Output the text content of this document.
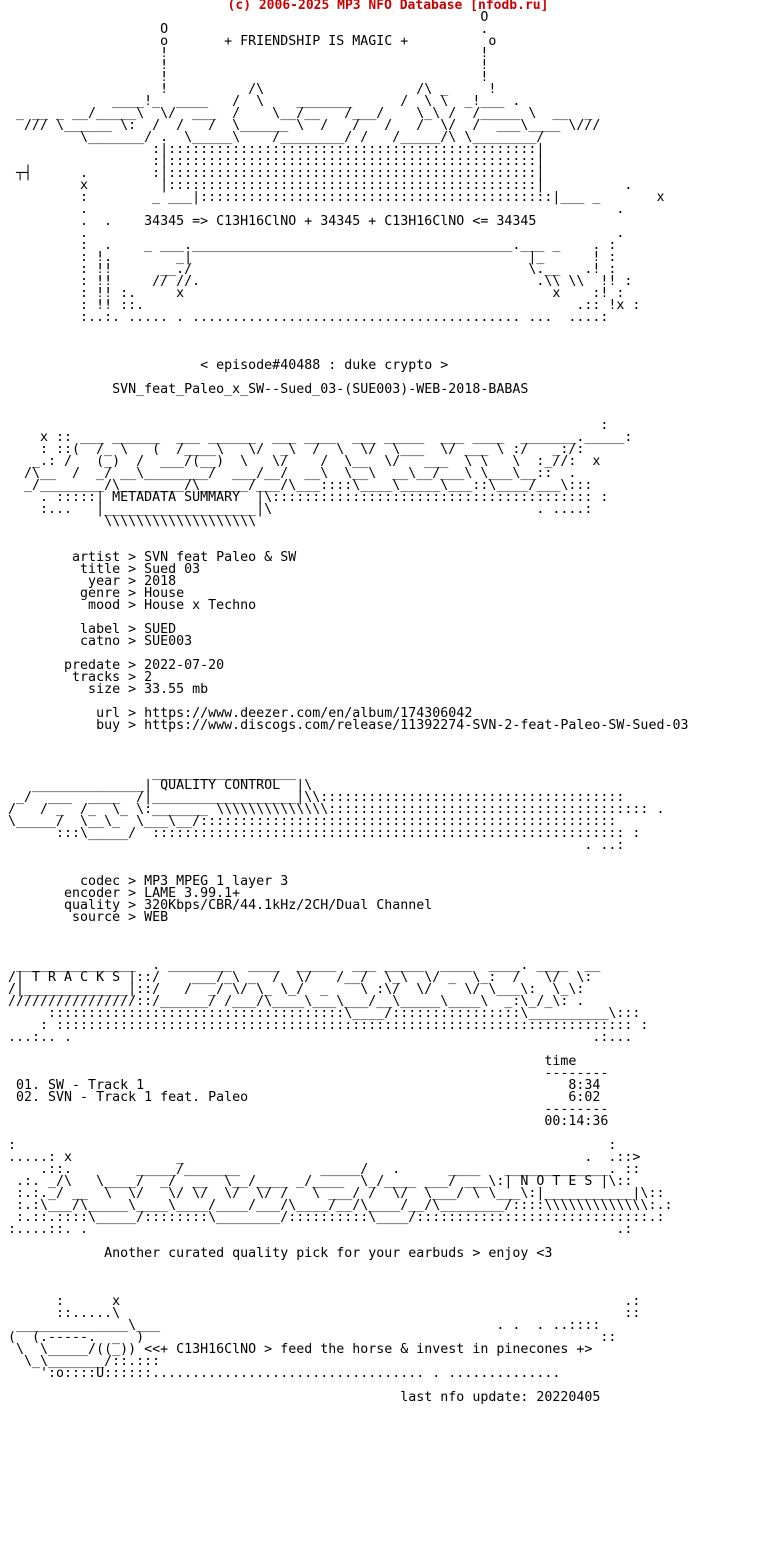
(c) 2006-2025 MP3 NFO Database [nfodb.ru]
O
O                                       .
o       + FRIENDSHIP IS MAGIC +          o
!                                       !
!                                       !
!                                       !
!          /\                   /\ _     !
____!_  ____   /  \    _______      /  \ \  _!___ .
_ __ _ __/_____\  \/  ___  /    \__/__   /___/    \_\ /  /_____ \  __  _
/// \______ \:  /  /   /  \______ \  /   /   /   /  \/  /  ___\____ \///
\_______/ .  \_____\    /________/ /   /_____/\ \________/
:|::::::::::::::::::::::::::::::::::::::::::::::|
:|::::::::::::::::::::::::::::::::::::::::::::::|
┬┤      .        :|::::::::::::::::::::::::::::::::::::::::::::::|
x         |::::::::::::::::::::::::::::::::::::::::::::::|          .
:        _ ___|::::::::::::::::::::::::::::::::::::::::::::|___ _       x
.                                                                  .
.  .    34345 => C13H16ClNO + 34345 + C13H16ClNO <= 34345
.                                                                  .
:  .    _ ___.________________________________________.___ _    . :
: !.        _|                                          |_      ! :
: !!      __./                                          \.__   .! :
: !!     // //.                                          .\\ \\  !! :
: !! :.     x                                              x    :! :
: !! ::.                                                      .:: !x :
:..:. ..... . ......................................... ...  ....:
< episode#40488 : duke crypto >
SVN_feat_Paleo_x_SW--Sued_03-(SUE003)-WEB-2018-BABAS
:
x :: ___ ______  ___ ______  ___ ____  ___ _____  ___ ____  _______._____:
: ::(  /_ \   (  /____\   \/  _\  /  \  \/  \___  \/ ___ \ :/   _:/:
_.: /   (_)  /  ___/(__)  \   \/    /  \__  \/   ___  \ \   \  :_//:  x
/\__  /  _/ __\________/  ___/__/  __\  \__\  __\__/___\ \___\__::  .
_/________/\________/\______/___/\___::::\____\_____\___::\____/___\:::
. :::::| METADATA SUMMARY  |\:::::::::::::::::::::::::::::::::::::::: :
:...   |___________________|\                                 . ....:
\\\\\\\\\\\\\\\\\\\
artist > SVN feat Paleo & SW
title > Sued 03
year > 2018
genre > House
mood > House x Techno
label > SUED
catno > SUE003
predate > 2022-07-20
tracks > 2
size > 33.55 mb
url > https://www.deezer.com/en/album/174306042
buy > https://www.discogs.com/release/11392274-SVN-2-feat-Paleo-SW-Sued-03
__________________
______________| QUALITY CONTROL  |\
_/  ___  ____  /|__________________|\\::::::::::::::::::::::::::::::::::::::
/   / _  /_  \_ \:_______ \\\\\\\\\\\\\\:::::::::::::::::::::::::::::::::::::::: .
\_____/  \__\_  \___\__/::::::::::::::::::::::::::::::::::::::::::::::::::::
:::\_____/  ::::::::::::::::::::::::::::::::::::::::::::::::::::::::::: :
. ..:
codec > MP3 MPEG 1 layer 3
encoder > LAME 3.99.1+
quality > 320Kbps/CBR/44.1kHz/2CH/Dual Channel
source > WEB
_______________  . ________  ____  _____  ___ _____  ____  ____. ____  __
/| T R A C K S |::/    ___/_\ _  /  \/   /__/  \_\  \/ _  \_:  /   \/  \:
/|_____________|::/   /  _/ \/ \_ \_/  _    \ :\/  \/    \/ \___\:  \_\:
////////////////::/______/ /___/\____\___\___/__\_____\____\  _:\_/_\: .
:::::::::::::::::::::::::::::::::::::\____/::::::::::::::::\__________\:::
: :::::::::::::::::::::::::::::::::::::::::::::::::::::::::::::::::::::::: :
...:.. .                                                                 .:...
time
--------
01. SW - Track 1                                                     8:34
02. SVN - Track 1 feat. Paleo                                        6:02
--------
00:14:36
:                                                                          :
.....: x             _                                                  .  .::>
.::.        _____/_______          _____/   .      ____   _____________. ::
.:. _/\   \____/  _/  __  \__/____ _/____  \_/____ ___/ ___\:| N O T E S |\::
:.:._/ __  \  \/   \/ \/  \/  \/ /   \ ___/ /  \/  \___/ \ \___\:|___________|\::
:.:\___/\_____\____\____/____/___/\____/__/\____/__/\________/::::\\\\\\\\\\\\\:.:
:.::.::::\_____/::::::::\________/::::::::::\____/:::::::::::::::::::::::::::::.:
:....::. .                                                                  .:
Another curated quality pick for your earbuds > enjoy <3
:      x                                                               .:
::.....\                                                               ::
______________\___                                          . .  . ..::::
(  (.-----.  _  )                                                         ::
\  \_____/((_)) <<+ C13H16ClNO > feed the horse & invest in pinecones +>
\_\_______/::.:::
':o::::U::::::.................................. . ..............
last nfo update: 20220405
